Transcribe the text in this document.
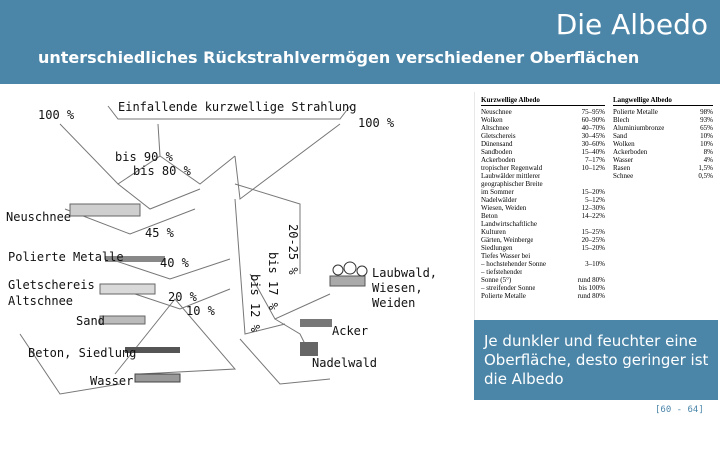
Die Albedo
unterschiedliches Rückstrahlvermögen verschiedener Oberflächen
100 %
Einfallende kurzwellige Strahlung
100 %
bis 90 %
bis 80 %
45 %
40 %
20 %
10 %
20-25 %
bis 17 %
bis 12 %
Neuschnee
Polierte Metalle
Gletschereis
Altschnee
Sand
Beton, Siedlung
Wasser
Laubwald,
Wiesen,
Weiden
Acker
Nadelwald
Kurzwellige Albedo
Neuschnee	75–95%
Wolken	60–90%
Altschnee	40–70%
Gletschereis	30–45%
Dünensand	30–60%
Sandboden	15–40%
Ackerboden	7–17%
tropischer Regenwald	10–12%
Laubwälder mittlerer
geographischer Breite
im Sommer	15–20%
Nadelwälder	5–12%
Wiesen, Weiden	12–30%
Beton	14–22%
Landwirtschaftliche
Kulturen	15–25%
Gärten, Weinberge	20–25%
Siedlungen	15–20%
Tiefes Wasser bei
– hochstehender Sonne	3–10%
– tiefstehender
Sonne (5°)	rund 80%
– streifender Sonne	bis 100%
Polierte Metalle	rund 80%
Langwellige Albedo
Polierte Metalle	98%
Blech	93%
Aluminiumbronze	65%
Sand	10%
Wolken	10%
Ackerboden	8%
Wasser	4%
Rasen	1,5%
Schnee	0,5%
Je dunkler und feuchter eine Oberfläche, desto geringer ist die Albedo
[60 - 64]
